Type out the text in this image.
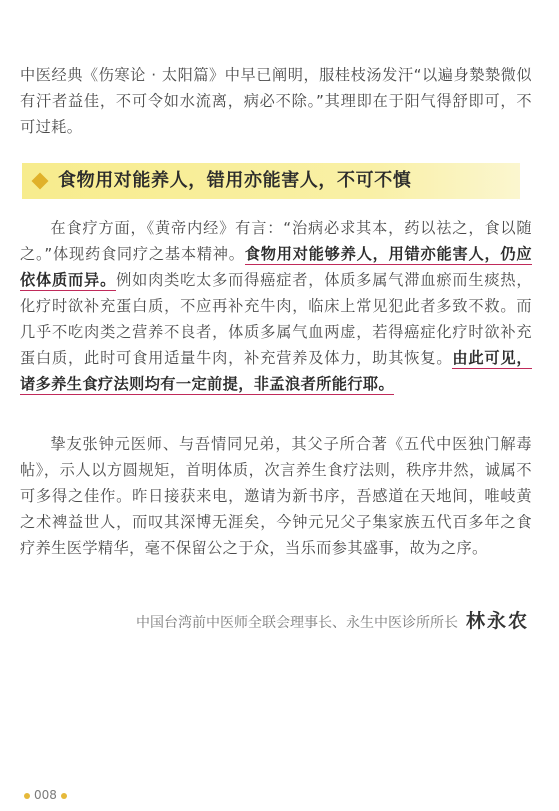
中医经典《伤寒论 · 太阳篇》中早已阐明，服桂枝汤发汗“以遍身漐漐微似有汗者益佳，不可令如水流离，病必不除。”其理即在于阳气得舒即可，不可过耗。

食物用对能养人，错用亦能害人，不可不慎

在食疗方面，《黄帝内经》有言：“治病必求其本，药以祛之，食以随之。”体现药食同疗之基本精神。食物用对能够养人，用错亦能害人，仍应依体质而异。例如肉类吃太多而得癌症者，体质多属气滞血瘀而生痰热，化疗时欲补充蛋白质，不应再补充牛肉，临床上常见犯此者多致不救。而几乎不吃肉类之营养不良者，体质多属气血两虚，若得癌症化疗时欲补充蛋白质，此时可食用适量牛肉，补充营养及体力，助其恢复。由此可见，诸多养生食疗法则均有一定前提，非孟浪者所能行耶。

挚友张钟元医师、与吾情同兄弟，其父子所合著《五代中医独门解毒帖》，示人以方圆规矩，首明体质，次言养生食疗法则，秩序井然，诚属不可多得之佳作。昨日接获来电，邀请为新书序，吾感道在天地间，唯岐黄之术裨益世人，而叹其深博无涯矣，今钟元兄父子集家族五代百多年之食疗养生医学精华，毫不保留公之于众，当乐而参其盛事，故为之序。

中国台湾前中医师全联会理事长、永生中医诊所所长 林永农
008
